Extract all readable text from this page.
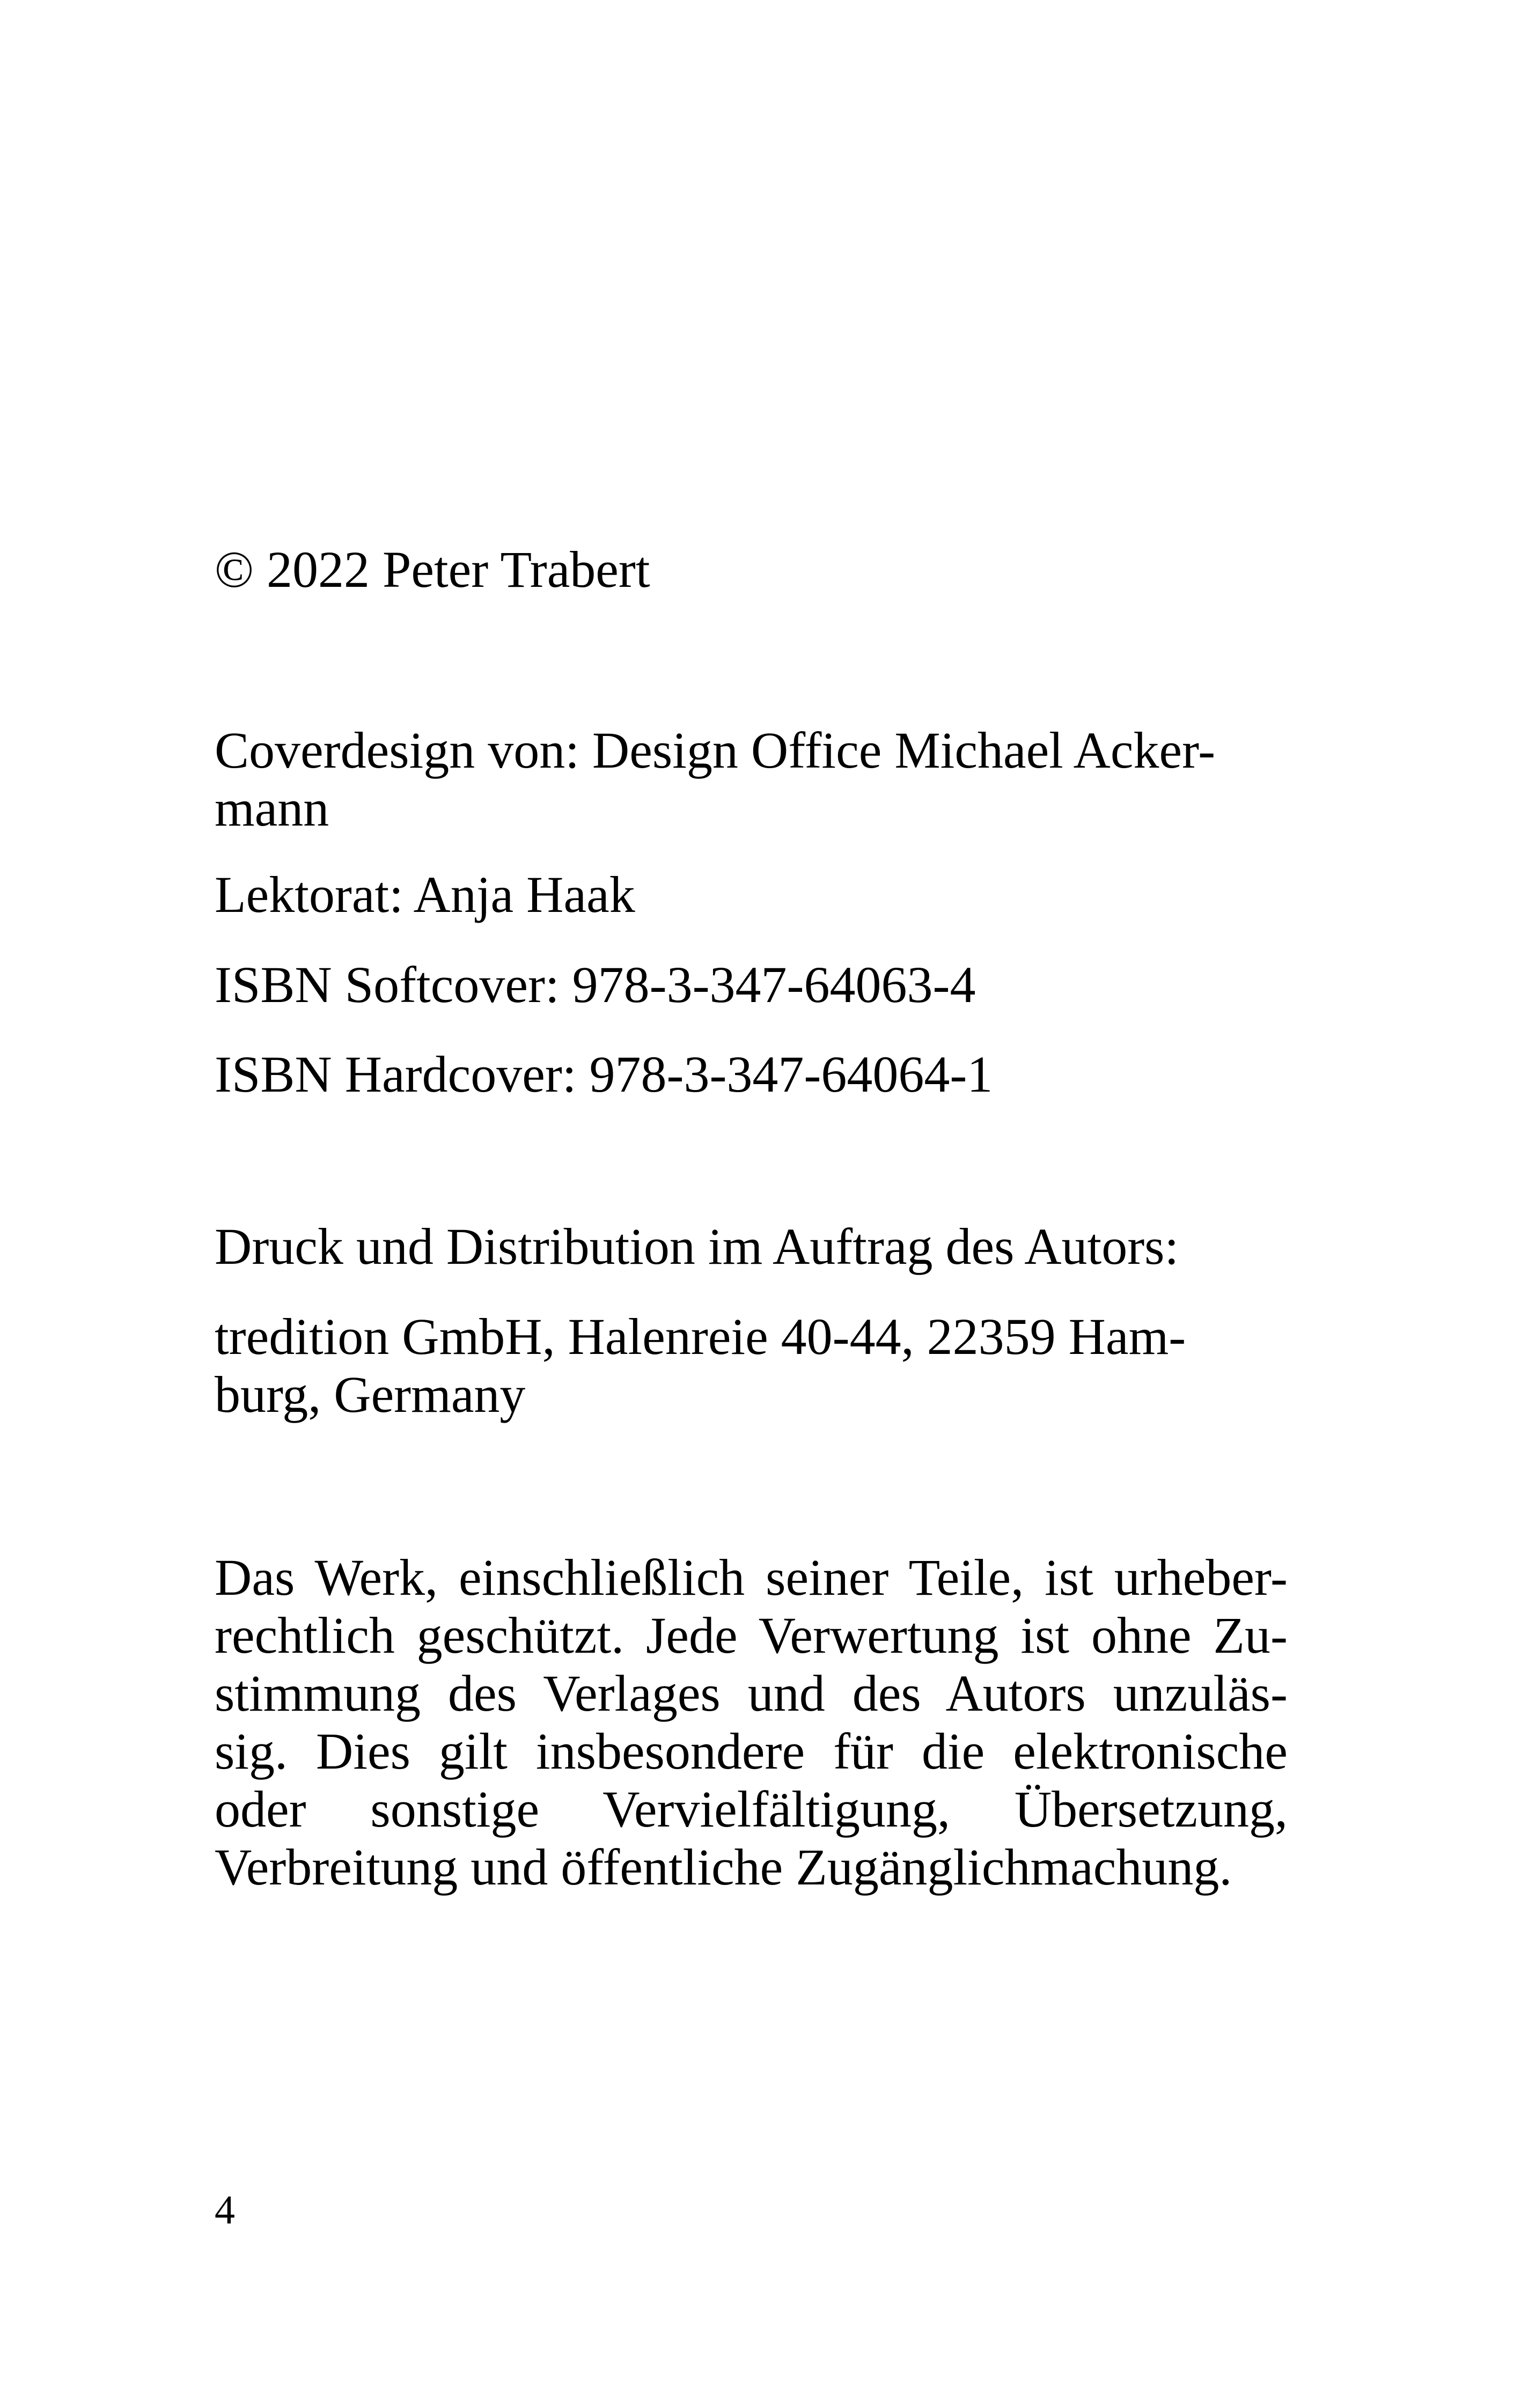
© 2022 Peter Trabert

Coverdesign von: Design Office Michael Acker-
mann

Lektorat: Anja Haak

ISBN Softcover: 978-3-347-64063-4

ISBN Hardcover: 978-3-347-64064-1

Druck und Distribution im Auftrag des Autors:

tredition GmbH, Halenreie 40-44, 22359 Ham-
burg, Germany
Das Werk, einschließlich seiner Teile, ist urheber-
rechtlich geschützt. Jede Verwertung ist ohne Zu-
stimmung des Verlages und des Autors unzuläs-
sig. Dies gilt insbesondere für die elektronische
oder sonstige Vervielfältigung, Übersetzung,
Verbreitung und öffentliche Zugänglichmachung.
4
